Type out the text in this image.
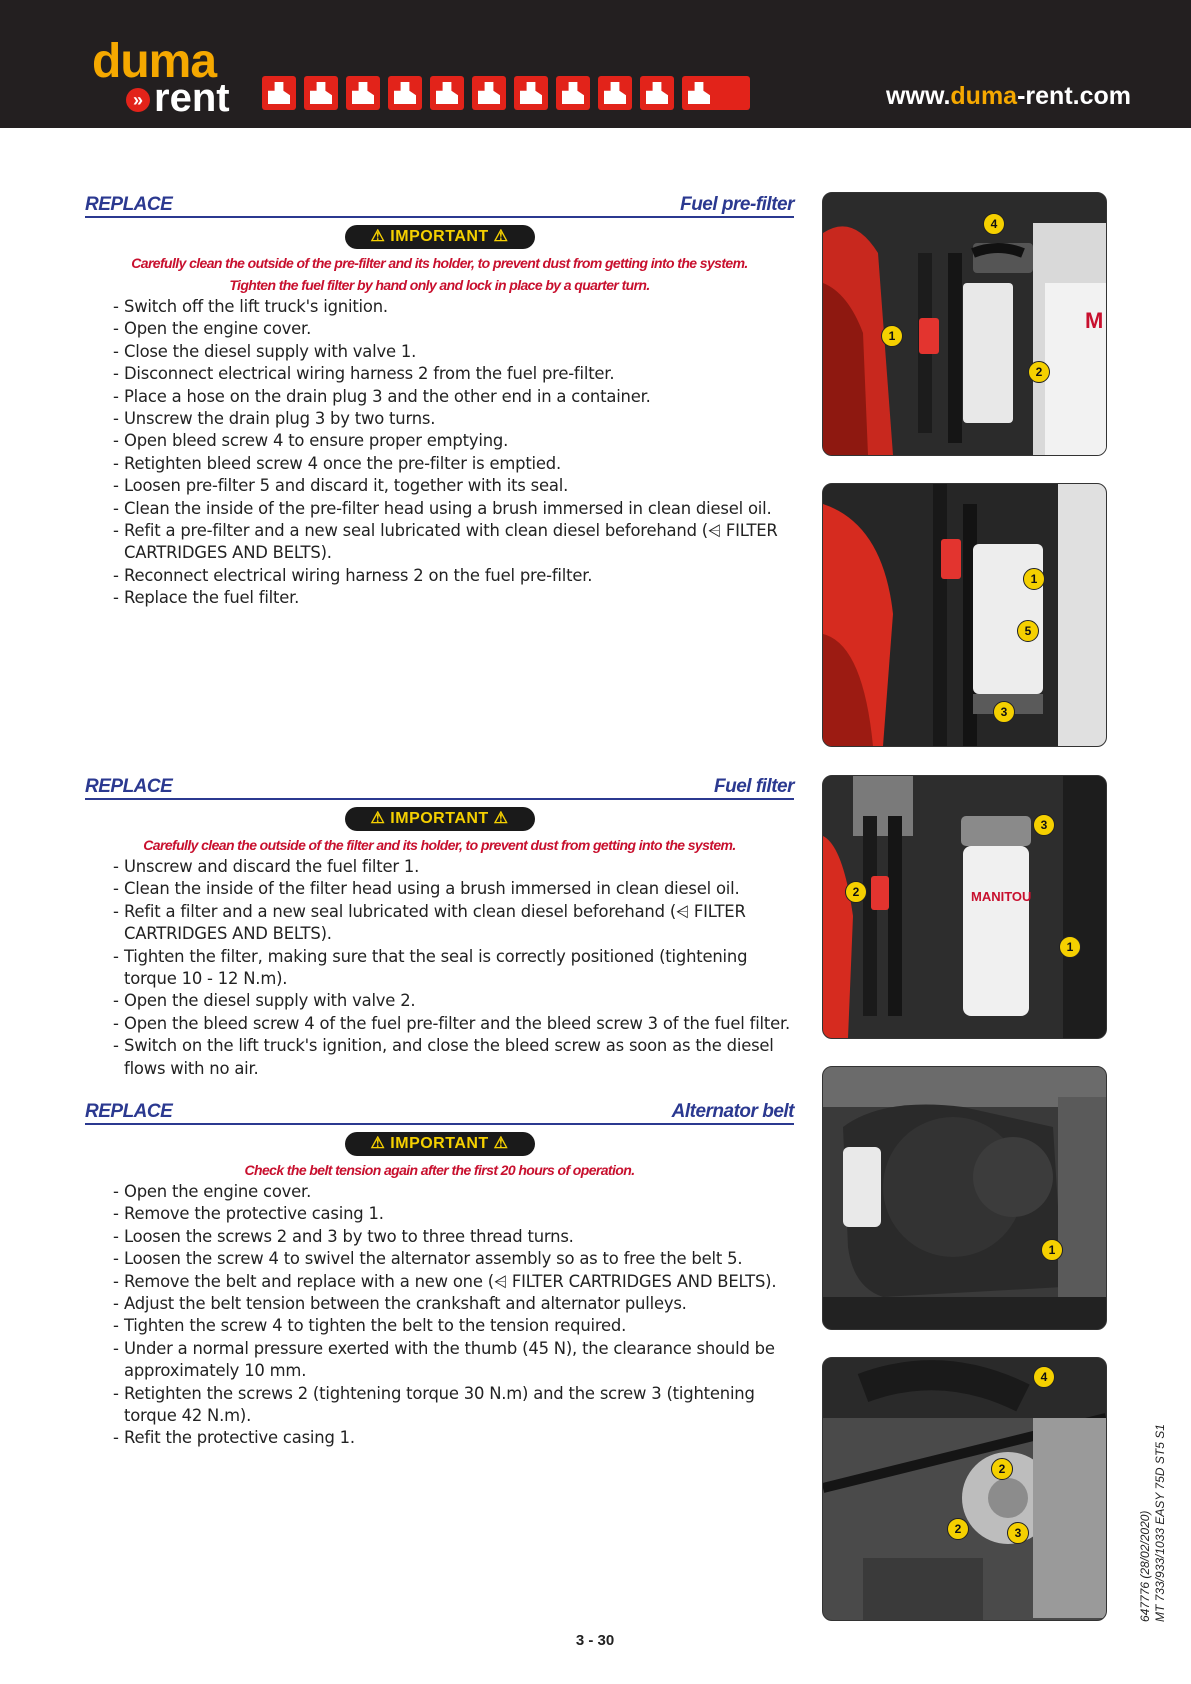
duma
» rent	www.duma-rent.com
REPLACE	Fuel pre-filter
⚠ IMPORTANT ⚠
Carefully clean the outside of the pre-filter and its holder, to prevent dust from getting into the system.
Tighten the fuel filter by hand only and lock in place by a quarter turn.
- Switch off the lift truck's ignition.
- Open the engine cover.
- Close the diesel supply with valve 1.
- Disconnect electrical wiring harness 2 from the fuel pre-filter.
- Place a hose on the drain plug 3 and the other end in a container.
- Unscrew the drain plug 3 by two turns.
- Open bleed screw 4 to ensure proper emptying.
- Retighten bleed screw 4 once the pre-filter is emptied.
- Loosen pre-filter 5 and discard it, together with its seal.
- Clean the inside of the pre-filter head using a brush immersed in clean diesel oil.
- Refit a pre-filter and a new seal lubricated with clean diesel beforehand (⩤ FILTER CARTRIDGES AND BELTS).
- Reconnect electrical wiring harness 2 on the fuel pre-filter.
- Replace the fuel filter.
REPLACE	Fuel filter
⚠ IMPORTANT ⚠
Carefully clean the outside of the filter and its holder, to prevent dust from getting into the system.
- Unscrew and discard the fuel filter 1.
- Clean the inside of the filter head using a brush immersed in clean diesel oil.
- Refit a filter and a new seal lubricated with clean diesel beforehand (⩤ FILTER CARTRIDGES AND BELTS).
- Tighten the filter, making sure that the seal is correctly positioned (tightening torque 10 - 12 N.m).
- Open the diesel supply with valve 2.
- Open the bleed screw 4 of the fuel pre-filter and the bleed screw 3 of the fuel filter.
- Switch on the lift truck's ignition, and close the bleed screw as soon as the diesel flows with no air.
REPLACE	Alternator belt
⚠ IMPORTANT ⚠
Check the belt tension again after the first 20 hours of operation.
- Open the engine cover.
- Remove the protective casing 1.
- Loosen the screws 2 and 3 by two to three thread turns.
- Loosen the screw 4 to swivel the alternator assembly so as to free the belt 5.
- Remove the belt and replace with a new one (⩤ FILTER CARTRIDGES AND BELTS).
- Adjust the belt tension between the crankshaft and alternator pulleys.
- Tighten the screw 4 to tighten the belt to the tension required.
- Under a normal pressure exerted with the thumb (45 N), the clearance should be approximately 10 mm.
- Retighten the screws 2 (tightening torque 30 N.m) and the screw 3 (tightening torque 42 N.m).
- Refit the protective casing 1.
M
4
1
2
1
5
3
MANITOU
3
2
1
1
4
2
2	3
3 - 30
647776 (28/02/2020) MT 733/933/1033 EASY 75D ST5 S1
